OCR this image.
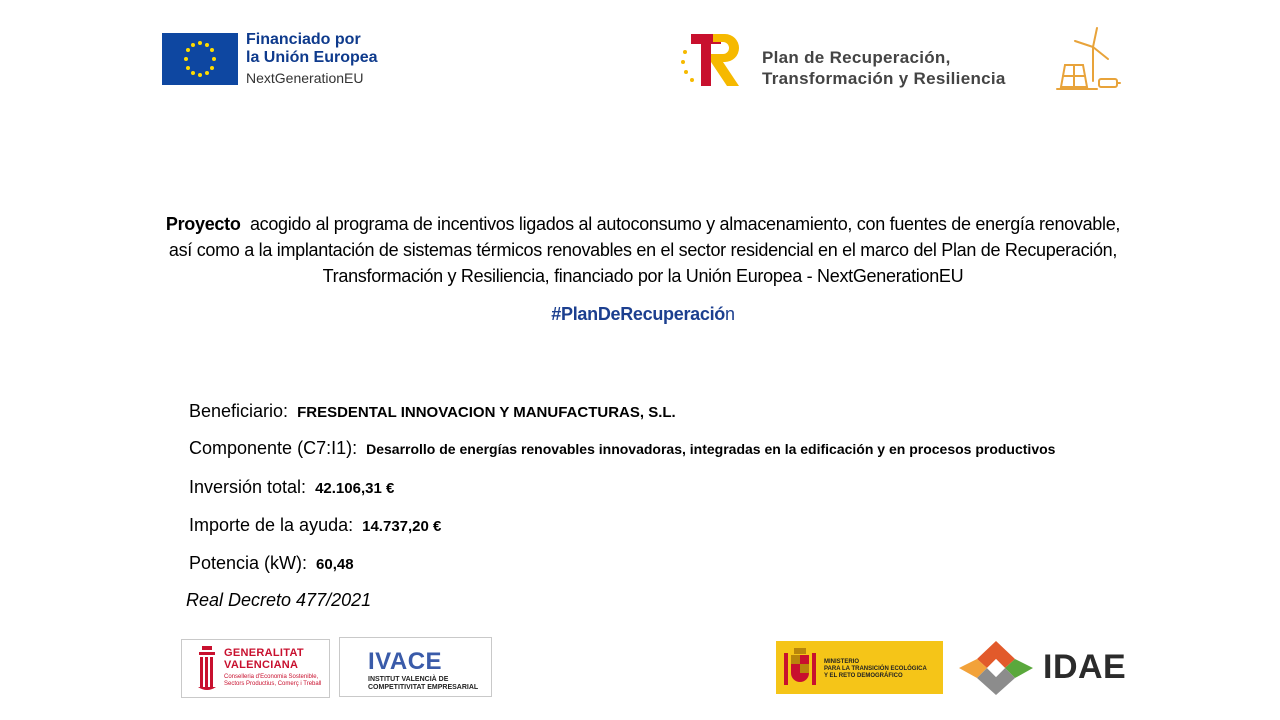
Financiado por
la Unión Europea
NextGenerationEU
Plan de Recuperación,
Transformación y Resiliencia
Proyecto acogido al programa de incentivos ligados al autoconsumo y almacenamiento, con fuentes de energía renovable, así como a la implantación de sistemas térmicos renovables en el sector residencial en el marco del Plan de Recuperación, Transformación y Resiliencia, financiado por la Unión Europea - NextGenerationEU
#PlanDeRecuperación
Beneficiario: FRESDENTAL INNOVACION Y MANUFACTURAS, S.L.
Componente (C7:I1): Desarrollo de energías renovables innovadoras, integradas en la edificación y en procesos productivos
Inversión total: 42.106,31 €
Importe de la ayuda: 14.737,20 €
Potencia (kW): 60,48
Real Decreto 477/2021
GENERALITAT
VALENCIANA
Conselleria d'Economia Sostenible, Sectors Productius, Comerç i Treball
IVACE
INSTITUT VALENCIÀ DE
COMPETITIVITAT EMPRESARIAL
MINISTERIO
PARA LA TRANSICIÓN ECOLÓGICA
Y EL RETO DEMOGRÁFICO	IDAE
